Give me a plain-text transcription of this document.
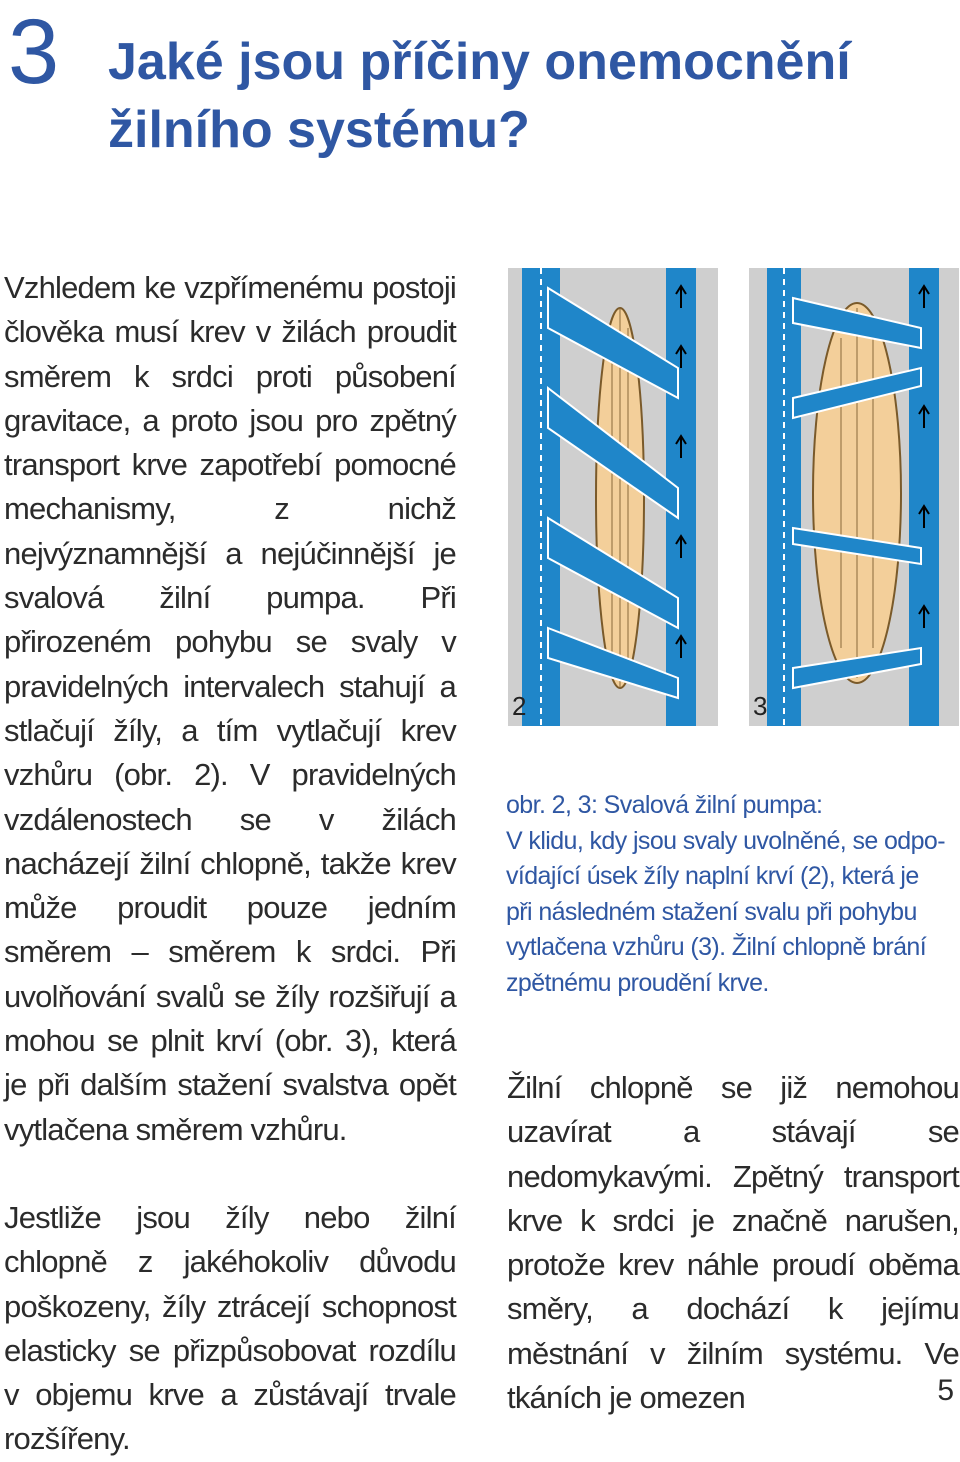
3 Jaké jsou příčiny onemocnění
žilního systému?

Vzhledem ke vzpřímenému postoji člověka musí krev v žilách proudit směrem k srdci proti působení gravitace, a proto jsou pro zpětný transport krve zapotřebí pomocné mechanismy, z nichž nejvýznamnější a nejúčinnější je svalová žilní pumpa. Při přirozeném pohybu se svaly v pravidelných intervalech stahují a stlačují žíly, a tím vytlačují krev vzhůru (obr. 2). V pravidelných vzdálenostech se v žilách nacházejí žilní chlopně, takže krev může proudit pouze jedním směrem – směrem k srdci. Při uvolňování svalů se žíly rozšiřují a mohou se plnit krví (obr. 3), která je při dalším stažení svalstva opět vytlačena směrem vzhůru.

Jestliže jsou žíly nebo žilní chlopně z jakéhokoliv důvodu poškozeny, žíly ztrácejí schopnost elasticky se přizpůsobovat rozdílu v objemu krve a zůstávají trvale rozšířeny.

2	3
obr. 2, 3: Svalová žilní pumpa:
V klidu, kdy jsou svaly uvolněné, se odpo-
vídající úsek žíly naplní krví (2), která je
při následném stažení svalu při pohybu
vytlačena vzhůru (3). Žilní chlopně brání
zpětnému proudění krve.

Žilní chlopně se již nemohou uzavírat a stávají se nedomykavými. Zpětný transport krve k srdci je značně narušen, protože krev náhle proudí oběma směry, a dochází k jejímu městnání v žilním systému. Ve tkáních je omezen	5
